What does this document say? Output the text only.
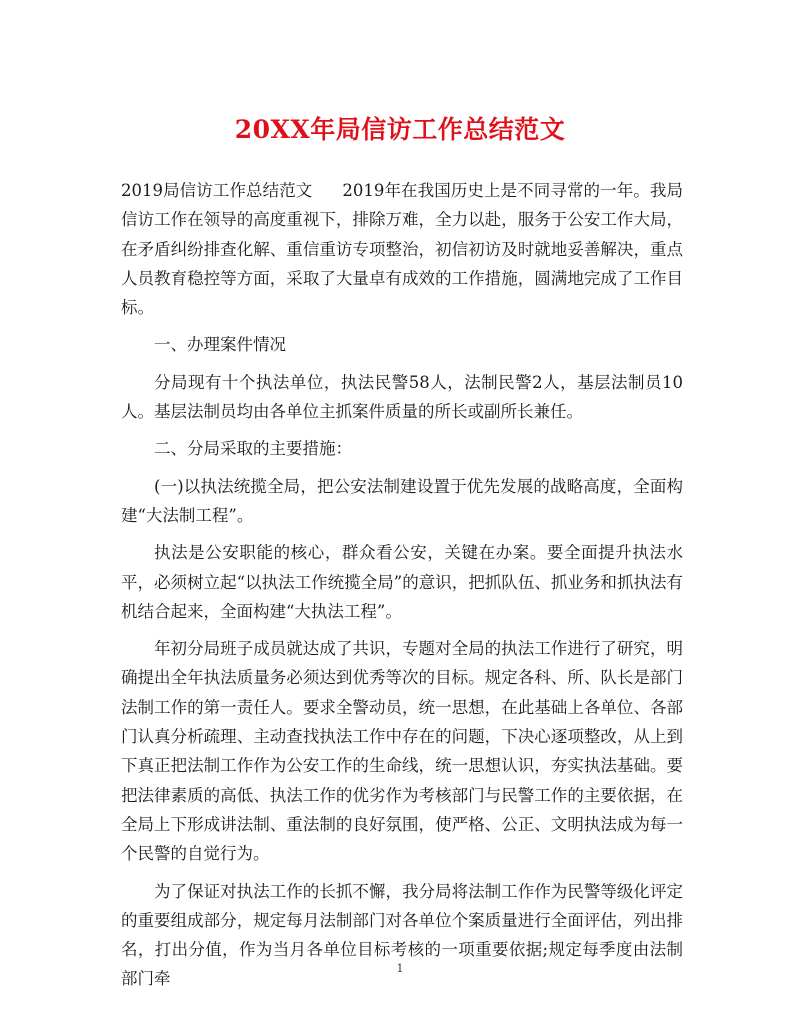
20XX年局信访工作总结范文

2019局信访工作总结范文 2019年在我国历史上是不同寻常的一年。我局信访工作在领导的高度重视下，排除万难，全力以赴，服务于公安工作大局，在矛盾纠纷排查化解、重信重访专项整治，初信初访及时就地妥善解决，重点人员教育稳控等方面，采取了大量卓有成效的工作措施，圆满地完成了工作目标。

一、办理案件情况

分局现有十个执法单位，执法民警58人，法制民警2人，基层法制员10人。基层法制员均由各单位主抓案件质量的所长或副所长兼任。

二、分局采取的主要措施：

(一)以执法统揽全局，把公安法制建设置于优先发展的战略高度，全面构建“大法制工程”。

执法是公安职能的核心，群众看公安，关键在办案。要全面提升执法水平，必须树立起“以执法工作统揽全局”的意识，把抓队伍、抓业务和抓执法有机结合起来，全面构建“大执法工程”。

年初分局班子成员就达成了共识，专题对全局的执法工作进行了研究，明确提出全年执法质量务必须达到优秀等次的目标。规定各科、所、队长是部门法制工作的第一责任人。要求全警动员，统一思想，在此基础上各单位、各部门认真分析疏理、主动查找执法工作中存在的问题，下决心逐项整改，从上到下真正把法制工作作为公安工作的生命线，统一思想认识，夯实执法基础。要把法律素质的高低、执法工作的优劣作为考核部门与民警工作的主要依据，在全局上下形成讲法制、重法制的良好氛围，使严格、公正、文明执法成为每一个民警的自觉行为。

为了保证对执法工作的长抓不懈，我分局将法制工作作为民警等级化评定的重要组成部分，规定每月法制部门对各单位个案质量进行全面评估，列出排名，打出分值，作为当月各单位目标考核的一项重要依据;规定每季度由法制部门牵

1
